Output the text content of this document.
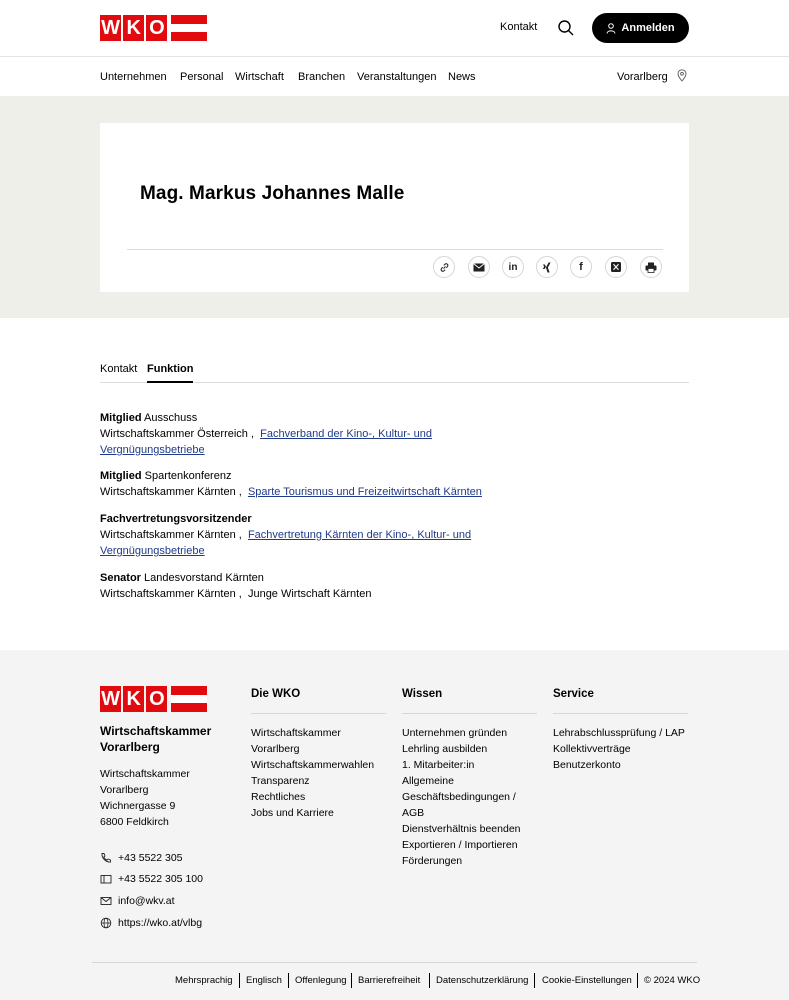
W K O	Kontakt	Anmelden
Unternehmen Personal Wirtschaft Branchen Veranstaltungen News	Vorarlberg
Mag. Markus Johannes Malle
in	f
Kontakt Funktion
Mitglied Ausschuss
Wirtschaftskammer Österreich , Fachverband der Kino-, Kultur- und
Vergnügungsbetriebe
Mitglied Spartenkonferenz
Wirtschaftskammer Kärnten , Sparte Tourismus und Freizeitwirtschaft Kärnten
Fachvertretungsvorsitzender
Wirtschaftskammer Kärnten , Fachvertretung Kärnten der Kino-, Kultur- und
Vergnügungsbetriebe
Senator Landesvorstand Kärnten
Wirtschaftskammer Kärnten , Junge Wirtschaft Kärnten
W K O
Wirtschaftskammer
Vorarlberg
Wirtschaftskammer
Vorarlberg
Wichnergasse 9
6800 Feldkirch
+43 5522 305
+43 5522 305 100
info@wkv.at
https://wko.at/vlbg
Die WKO
Wirtschaftskammer
Vorarlberg
Wirtschaftskammerwahlen
Transparenz
Rechtliches
Jobs und Karriere
Wissen
Unternehmen gründen
Lehrling ausbilden
1. Mitarbeiter:in
Allgemeine
Geschäftsbedingungen /
AGB
Dienstverhältnis beenden
Exportieren / Importieren
Förderungen
Service
Lehrabschlussprüfung / LAP
Kollektivverträge
Benutzerkonto
Mehrsprachig Englisch Offenlegung Barrierefreiheit Datenschutzerklärung Cookie-Einstellungen © 2024 WKO
